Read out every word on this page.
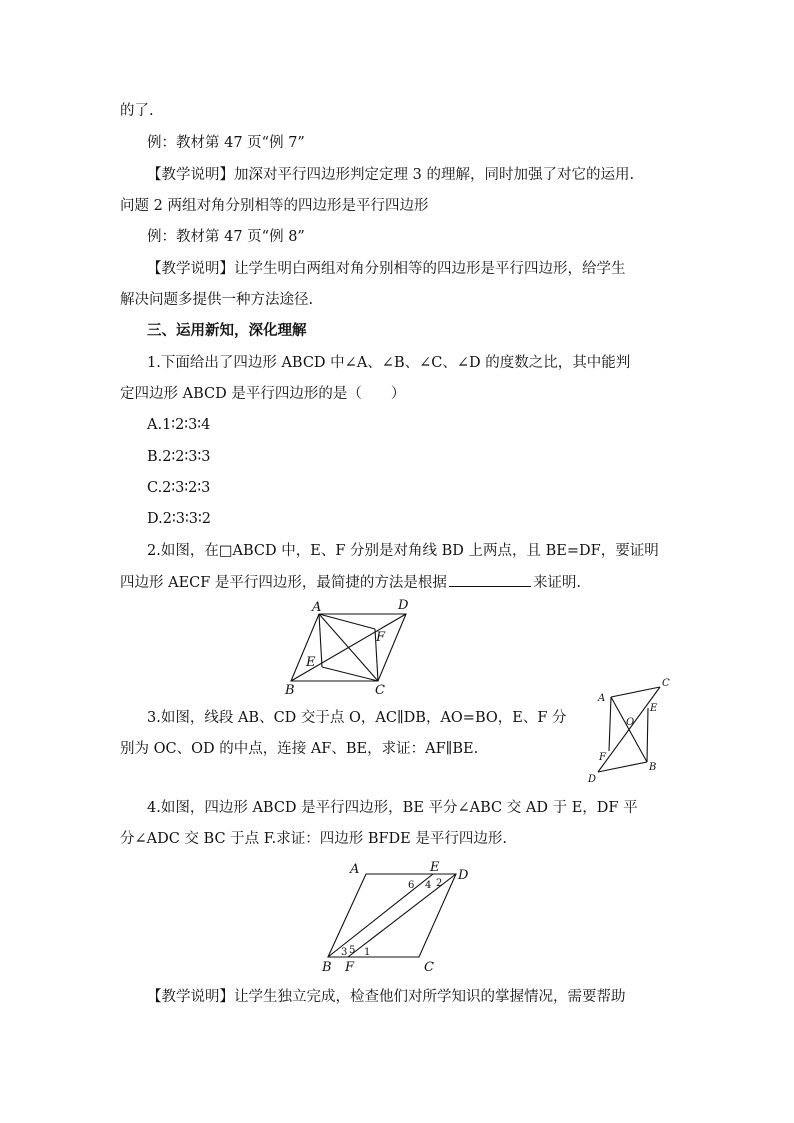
的了.
例：教材第 47 页“例 7”
【教学说明】加深对平行四边形判定定理 3 的理解，同时加强了对它的运用.
问题 2 两组对角分别相等的四边形是平行四边形
例：教材第 47 页“例 8”
【教学说明】让学生明白两组对角分别相等的四边形是平行四边形，给学生
解决问题多提供一种方法途径.
三、运用新知，深化理解
1.下面给出了四边形 ABCD 中∠A、∠B、∠C、∠D 的度数之比，其中能判
定四边形 ABCD 是平行四边形的是（　　）
A.1∶2∶3∶4
B.2∶2∶3∶3
C.2∶3∶2∶3
D.2∶3∶3∶2
2.如图，在□ABCD 中，E、F 分别是对角线 BD 上两点，且 BE=DF，要证明
四边形 AECF 是平行四边形，最简捷的方法是根据	来证明.
A	D
F
E
B	C
3.如图，线段 AB、CD 交于点 O，AC∥DB，AO=BO，E、F 分
别为 OC、OD 的中点，连接 AF、BE，求证：AF∥BE.
A
C
E
O
F
D
B
4.如图，四边形 ABCD 是平行四边形，BE 平分∠ABC 交 AD 于 E，DF 平
分∠ADC 交 BC 于点 F.求证：四边形 BFDE 是平行四边形.
A	E
D
B F	C
6 4 2
3 5 1
【教学说明】让学生独立完成，检查他们对所学知识的掌握情况，需要帮助
